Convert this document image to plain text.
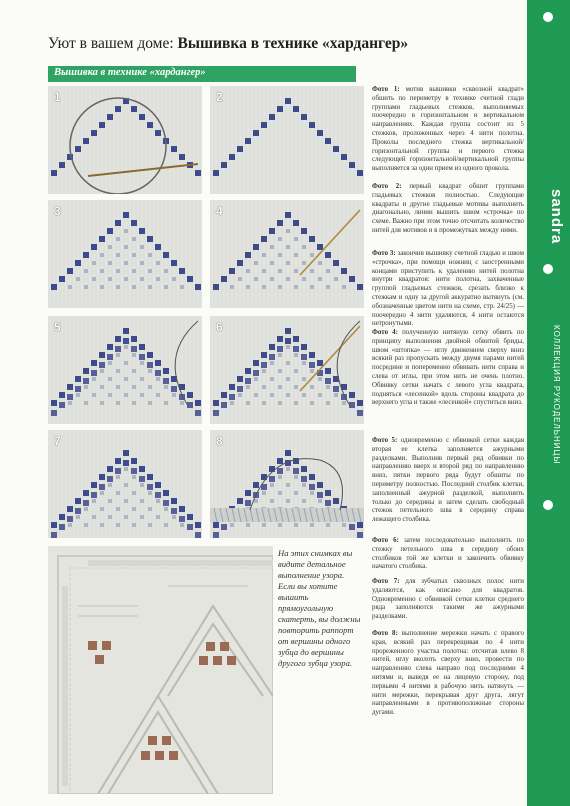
sandra
КОЛЛЕКЦИЯ РУКОДЕЛЬНИЦЫ
Уют в вашем доме: Вышивка в технике «хардангер»
Вышивка в технике «хардангер»
1	2
3	4
5	6
7	8
На этих снимках вы видите детальное выполнение узора. Если вы хотите вышить прямоугольную скатерть, вы должны повторить раппорт от вершины одного зубца до вершины другого зубца узора.
Фото 1: мотив вышивки «сквозной квадрат» обшить по периметру в технике счетной глади группами гладьевых стежков, выполняемых поочередно в горизонтальном и вертикальном направлениях. Каждая группа состоит из 5 стежков, проложенных через 4 нити полотна. Проколы последнего стежка вертикальной/горизонтальной группы и первого стежка следующей горизонтальной/вертикальной группы выполняется за один прием из одного прокола.
Фото 2: первый квадрат обшит группами гладьевых стежков полностью. Следующие квадраты и другие гладьевые мотивы выполнить диагонально, линии вышить швом «строчка» по схеме. Важно при этом точно отсчитать количество нитей для мотивов и в промежутках между ними.
Фото 3: закончив вышивку счетной гладью и швом «строчка», при помощи ножниц с заостренными концами приступить к удалению нитей полотна внутри квадратов: нити полотна, захваченные группой гладьевых стежков, срезать близко к стежкам и одну за другой аккуратно вытянуть (см. обозначенные цветом нити на схеме, стр. 24/25) — поочередно 4 нити удаляются, 4 нити остаются нетронутыми.
Фото 4: полученную нитяную сетку обвить по принципу выполнения двойной обвитой бриды, швом «штопка» — иглу движением сверху вниз всякий раз пропускать между двумя парами нитей посредине и попеременно обвивать нити справа и слева от иглы, при этом нить не очень плотно. Обвивку сетки начать с левого угла квадрата, подняться «лесенкой» вдоль стороны квадрата до верхнего угла и также «лесенкой» спуститься вниз.
Фото 5: одновременно с обвивкой сетки каждая вторая ее клетка заполняется ажурными разделками. Выполнив первый ряд обвивки по направлению вверх и второй ряд по направлению вниз, пятки первого ряда будут обшиты по периметру полностью. Последний столбик клетки, заполненный ажурной разделкой, выполнить только до середины и затем сделать свободный стежок петельного шва в середину справа лежащего столбика.
Фото 6: затем последовательно выполнить по стежку петельного шва в середину обоих столбиков той же клетки и закончить обвивку начатого столбика.
Фото 7: для зубчатых сквозных полос нити удаляются, как описано для квадратов. Одновременно с обвивкой сетки клетки среднего ряда заполняются такими же ажурными разделками.
Фото 8: выполнение мережки начать с правого края, всякий раз перекрещивая по 4 нити прореженного участка полотна: отсчитав влево 8 нитей, иглу вколоть сверху вниз, провести по направлению слева направо под последними 4 нитями и, выведя ее на лицевую сторону, под первыми 4 нитями в рабочую нить натянуть — нити мережки, перекрывая друг друга, лягут направленными в противоположные стороны дугами.
